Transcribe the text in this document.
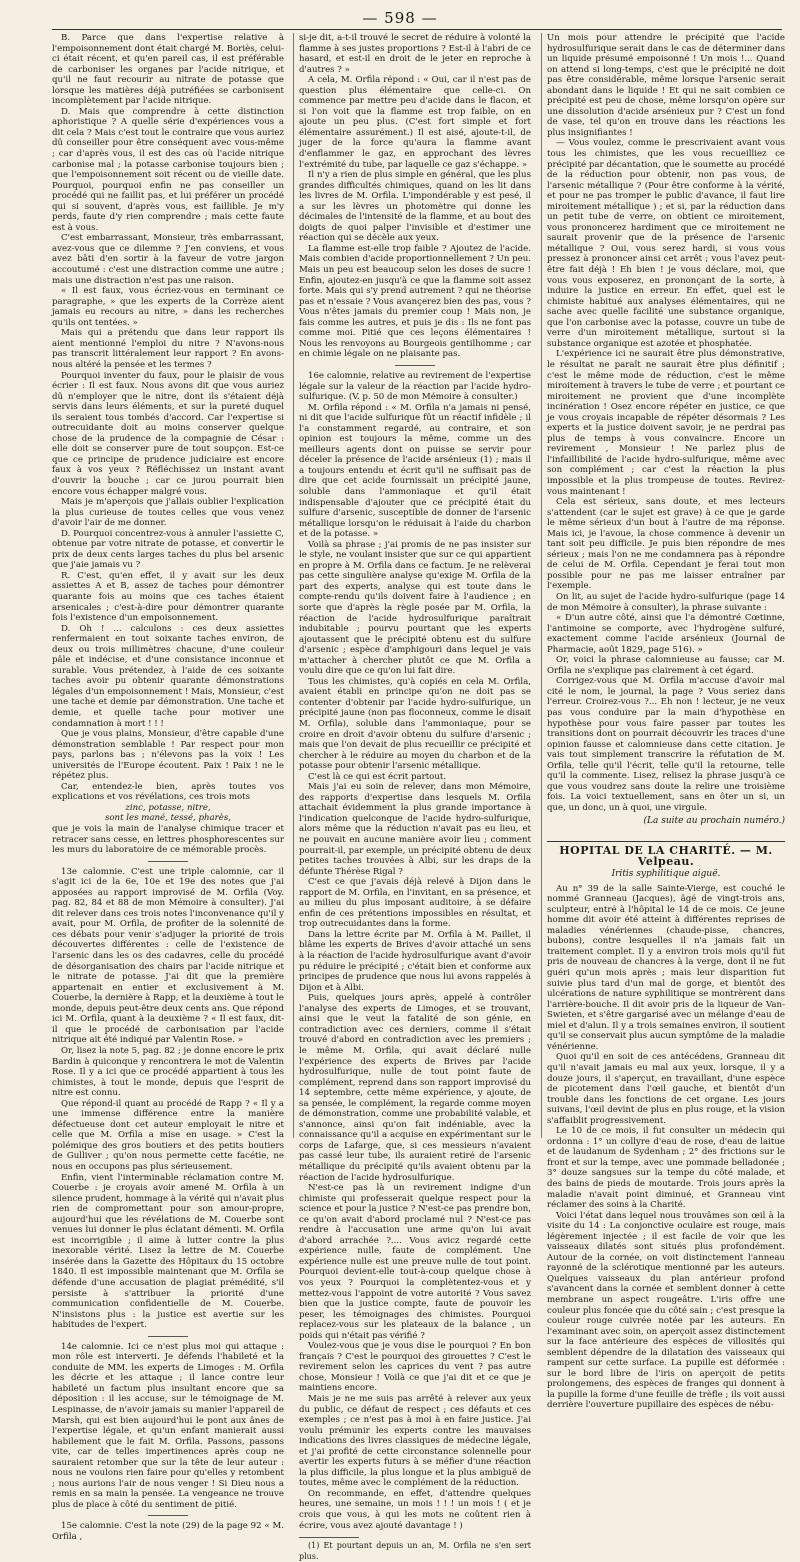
— 598 —

B. Parce que dans l'expertise relative à l'empoisonnement dont était chargé M. Boriès, celui-ci était récent, et qu'en pareil cas, il est préférable de carboniser les organes par l'acide nitrique, et qu'il ne faut recourir au nitrate de potasse que lorsque les matières déjà putréfiées se carbonisent incomplètement par l'acide nitrique.

D. Mais que comprendre à cette distinction aphoristique ? A quelle série d'expériences vous a dit cela ? Mais c'est tout le contraire que vous auriez dû conseiller pour être conséquent avec vous-même ; car d'après vous, il est des cas où l'acide nitrique carbonise mal ; la potasse carbonise toujours bien ; que l'empoisonnement soit récent ou de vieille date. Pourquoi, pourquoi enfin ne pas conseiller un procédé qui ne faillit pas, et lui préférer un procédé qui si souvent, d'après vous, est faillible. Je m'y perds, faute d'y rien comprendre ; mais cette faute est à vous.

C'est embarrassant, Monsieur, très embarrassant, avez-vous que ce dilemme ? J'en conviens, et vous avez bâti d'en sortir à la faveur de votre jargon accoutumé : c'est une distraction comme une autre ; mais une distraction n'est pas une raison.

« Il est faux, vous écriez-vous en terminant ce paragraphe, » que les experts de la Corrèze aient jamais eu recours au nitre, » dans les recherches qu'ils ont tentées. »

Mais qui a prétendu que dans leur rapport ils aient mentionné l'emploi du nitre ? N'avons-nous pas transcrit littéralement leur rapport ? En avons-nous altéré la pensée et les termes ?

Pourquoi inventer du faux, pour le plaisir de vous écrier : Il est faux. Nous avons dit que vous auriez dû n'employer que le nitre, dont ils s'étaient déjà servis dans leurs éléments, et sur la pureté duquel ils seraient tous tombés d'accord. Car l'expertise si outrecuidante doit au moins conserver quelque chose de la prudence de la compagnie de César : elle doit se conserver pure de tout soupçon. Est-ce que ce principe de prudence judiciaire est encore faux à vos yeux ? Réfléchissez un instant avant d'ouvrir la bouche ; car ce jurou pourrait bien encore vous échapper malgré vous.

Mais je m'aperçois que j'allais oublier l'explication la plus curieuse de toutes celles que vous venez d'avoir l'air de me donner.

D. Pourquoi concentrez-vous à annuler l'assiette C, obtenue par votre nitrate de potasse, et convertir le prix de deux cents larges taches du plus bel arsenic que j'aie jamais vu ?

R. C'est, qu'en effet, il y avait sur les deux assiettes A et B, assez de taches pour démontrer quarante fois au moins que ces taches étaient arsenicales ; c'est-à-dire pour démontrer quarante fois l'existence d'un empoisonnement.

D. Oh ! ... calculons : ces deux assiettes renfermaient en tout soixante taches environ, de deux ou trois millimètres chacune, d'une couleur pâle et indécise, et d'une consistance inconnue et surable. Vous prétendez, à l'aide de ces soixante taches avoir pu obtenir quarante démonstrations légales d'un empoisonnement ! Mais, Monsieur, c'est une tache et demie par démonstration. Une tache et demie, et quelle tache pour motiver une condamnation à mort ! ! !

Que je vous plains, Monsieur, d'être capable d'une démonstration semblable ! Par respect pour mon pays, parlons bas ; n'élevons pas la voix ! Les universités de l'Europe écoutent. Paix ! Paix ! ne le répétez plus.

Car, entendez-le bien, après toutes vos explications et vos révélations, ces trois mots

zinc, potasse, nitre,

sont les mané, tessé, pharès,

que je vois la main de l'analyse chimique tracer et retracer sans cesse, en lettres phosphorescentes sur les murs du laboratoire de ce mémorable procès.

13e calomnie. C'est une triple calomnie, car il s'agit ici de la 6e, 10e et 19e des notes que j'ai apposées au rapport improvisé de M. Orfila (Voy. pag. 82, 84 et 88 de mon Mémoire à consulter). J'ai dit relever dans ces trois notes l'inconvenance qu'il y avait, pour M. Orfila, de profiter de la solennité de ces débats pour venir s'adjuger la priorité de trois découvertes différentes : celle de l'existence de l'arsenic dans les os des cadavres, celle du procédé de désorganisation des chairs par l'acide nitrique et le nitrate de potasse. J'ai dit que la première appartenait en entier et exclusivement à M. Couerbe, la dernière à Rapp, et la deuxième à tout le monde, depuis peut-être deux cents ans. Que répond ici M. Orfila, quant à la deuxième ? « Il est faux, dit-il que le procédé de carbonisation par l'acide nitrique ait été indiqué par Valentin Rose. »

Or, lisez la note 5, pag. 82 ; je donne encore le prix Bardin à quiconque y rencontrera le mot de Valentin Rose. Il y a ici que ce procédé appartient à tous les chimistes, à tout le monde, depuis que l'esprit de nitre est connu.

Que répond-il quant au procédé de Rapp ? « Il y a une immense différence entre la manière défectueuse dont cet auteur employait le nitre et celle que M. Orfila a mise en usage. » C'est la polémique des gros boutiers et des petits boutiers de Gulliver ; qu'on nous permette cette facétie, ne nous en occupons pas plus sérieusement.

Enfin, vient l'interminable réclamation contre M. Couerbe : je croyais avoir amené M. Orfila à un silence prudent, hommage à la vérité qui n'avait plus rien de compromettant pour son amour-propre, aujourd'hui que les révélations de M. Couerbe sont venues lui donner le plus éclatant démenti. M. Orfila est incorrigible ; il aime à lutter contre la plus inexorable vérité. Lisez la lettre de M. Couerbe insérée dans la Gazette des Hôpitaux du 15 octobre 1840. Il est impossible maintenant que M. Orfila se défende d'une accusation de plagiat prémédité, s'il persiste à s'attribuer la priorité d'une communication confidentielle de M. Couerbe. N'insistons plus : la justice est avertie sur les habitudes de l'expert.

14e calomnie. Ici ce n'est plus moi qui attaque : mon rôle est interverti. Je défends l'habileté et la conduite de MM. les experts de Limoges : M. Orfila les décrie et les attaque ; il lance contre leur habileté un factum plus insultant encore que sa déposition : il les accuse, sur le témoignage de M. Lespinasse, de n'avoir jamais su manier l'appareil de Marsh, qui est bien aujourd'hui le pont aux ânes de l'expertise légale, et qu'un enfant manierait aussi habilement que le fait M. Orfila. Passons, passons vite, car de telles impertinences après coup ne sauraient retomber que sur la tête de leur auteur : nous ne voulons rien faire pour qu'elles y retombent ; nous aurions l'air de nous venger ! Si Dieu nous a remis en sa main la pensée. La vengeance ne trouve plus de place à côté du sentiment de pitié.

15e calomnie. C'est la note (29) de la page 92 « M. Orfila ,

si-je dit, a-t-il trouvé le secret de réduire à volonté la flamme à ses justes proportions ? Est-il à l'abri de ce hasard, et est-il en droit de le jeter en reproche à d'autres ? »

A cela, M. Orfila répond : « Oui, car il n'est pas de question plus élémentaire que celle-ci. On commence par mettre peu d'acide dans le flacon, et si l'on voit que la flamme est trop faible, on en ajoute un peu plus. (C'est fort simple et fort élémentaire assurément.) Il est aisé, ajoute-t-il, de juger de la force qu'aura la flamme avant d'enflammer le gaz, en approchant des lèvres l'extrémité du tube, par laquelle ce gaz s'échappe. »

Il n'y a rien de plus simple en général, que les plus grandes difficultés chimiques, quand on les lit dans les livres de M. Orfila. L'impondérable y est pesé, il a sur les lèvres un photomètre qui donne les décimales de l'intensité de la flamme, et au bout des doigts de quoi palper l'invisible et d'estimer une réaction qui se décèle aux yeux.

La flamme est-elle trop faible ? Ajoutez de l'acide. Mais combien d'acide proportionnellement ? Un peu. Mais un peu est beaucoup selon les doses de sucre ! Enfin, ajoutez-en jusqu'à ce que la flamme soit assez forte. Mais qui s'y prend autrement ? qui ne théorise pas et n'essaie ? Vous avançerez bien des pas, vous ? Vous n'êtes jamais du premier coup ! Mais non, je fais comme les autres, et puis je dis : Ils ne font pas comme moi. Pitié que ces leçons élémentaires ! Nous les renvoyons au Bourgeois gentilhomme ; car en chimie légale on ne plaisante pas.

16e calomnie, relative au revirement de l'expertise légale sur la valeur de la réaction par l'acide hydro-sulfurique. (V. p. 50 de mon Mémoire à consulter.)

M. Orfila répond : « M. Orfila n'a jamais ni pensé, ni dit que l'acide sulfurique fût un réactif infidèle ; il l'a constamment regardé, au contraire, et son opinion est toujours la même, comme un des meilleurs agents dont on puisse se servir pour déceler la présence de l'acide arsénieux (1) ; mais il a toujours entendu et écrit qu'il ne suffisait pas de dire que cet acide fournissait un précipité jaune, soluble dans l'ammoniaque et qu'il était indispensable d'ajouter que ce précipité était du sulfure d'arsenic, susceptible de donner de l'arsenic métallique lorsqu'on le réduisait à l'aide du charbon et de la potasse. »

Voilà sa phrase ; j'ai promis de ne pas insister sur le style, ne voulant insister que sur ce qui appartient en propre à M. Orfila dans ce factum. Je ne relèverai pas cette singulière analyse qu'exige M. Orfila de la part des experts, analyse qui est toute dans le compte-rendu qu'ils doivent faire à l'audience ; en sorte que d'après la règle posée par M. Orfila, la réaction de l'acide hydrosulfurique paraîtrait indubitable ; pourvu pourtant que les experts ajoutassent que le précipité obtenu est du sulfure d'arsenic ; espèce d'amphigouri dans lequel je vais m'attacher à chercher plutôt ce que M. Orfila a voulu dire que ce qu'on lui fait dire.

Tous les chimistes, qu'à copiés en cela M. Orfila, avaient établi en principe qu'on ne doit pas se contenter d'obtenir par l'acide hydro-sulfurique, un précipité jaune (non pas floconneux, comme le disait M. Orfila), soluble dans l'ammoniaque, pour se croire en droit d'avoir obtenu du sulfure d'arsenic ; mais que l'on devait de plus recueillir ce précipité et chercher à le réduire au moyen du charbon et de la potasse pour obtenir l'arsenic métallique.

C'est là ce qui est écrit partout.

Mais j'ai eu soin de relever, dans mon Mémoire, des rapports d'expertise dans lesquels M. Orfila attachait évidemment la plus grande importance à l'indication quelconque de l'acide hydro-sulfurique, alors même que la réduction n'avait pas eu lieu, et ne pouvait en aucune manière avoir lieu ; comment pourrait-il, par exemple, un précipité obtenu de deux petites taches trouvées à Albi, sur les draps de la défunte Thérèse Rigal ?

C'est ce que j'avais déjà relevé à Dijon dans le rapport de M. Orfila, en l'invitant, en sa présence, et au milieu du plus imposant auditoire, à se défaire enfin de ces prétentions impossibles en résultat, et trop outrecuidantes dans la forme.

Dans la lettre écrite par M. Orfila à M. Paillet, il blâme les experts de Brives d'avoir attaché un sens à la réaction de l'acide hydrosulfurique avant d'avoir pu réduire le précipité ; c'était bien et conforme aux principes de prudence que nous lui avons rappelés à Dijon et à Albi.

Puis, quelques jours après, appelé à contrôler l'analyse des experts de Limoges, et se trouvant, ainsi que le veut la fatalité de son génie, en contradiction avec ces derniers, comme il s'était trouvé d'abord en contradiction avec les premiers ; le même M. Orfila, qui avait déclaré nulle l'expérience des experts de Brives par l'acide hydrosulfurique, nulle de tout point faute de complément, reprend dans son rapport improvisé du 14 septembre, cette même expérience, y ajoute, de sa pensée, le complément, la regarde comme moyen de démonstration, comme une probabilité valable, et s'annonce, ainsi qu'on fait indéniable, avec la connaissance qu'il a acquise en expérimentant sur le corps de Lafarge, que, si ces messieurs n'avaient pas cassé leur tube, ils auraient retiré de l'arsenic métallique du précipité qu'ils avaient obtenu par la réaction de l'acide hydrosulfurique.

N'est-ce pas là un revirement indigne d'un chimiste qui professerait quelque respect pour la science et pour la justice ? N'est-ce pas prendre bon, ce qu'on avait d'abord proclamé nul ? N'est-ce pas rendre à l'accusation une arme qu'on lui avait d'abord arrachée ?.... Vous avicz regardé cette expérience nulle, faute de complément. Une expérience nulle est une preuve nulle de tout point. Pourquoi devient-elle tout-à-coup quelque chose à vos yeux ? Pourquoi la complètentez-vous et y mettez-vous l'appoint de votre autorité ? Vous savez bien que la justice compte, faute de pouvoir les peser, les témoignages des chimistes. Pourquoi replacez-vous sur les plateaux de la balance , un poids qui n'était pas vérifié ?

Voulez-vous que je vous dise le pourquoi ? En bon français ? C'est le pourquoi des girouettes ? C'est le revirement selon les caprices du vent ? pas autre chose, Monsieur ! Voilà ce que j'ai dit et ce que je maintiens encore.

Mais je ne me suis pas arrêté à relever aux yeux du public, ce défaut de respect ; ces défauts et ces exemples ; ce n'est pas à moi à en faire justice. J'ai voulu prémunir les experts contre les mauvaises indications des livres classiques de médecine légale, et j'ai profité de cette circonstance solennelle pour avertir les experts futurs à se méfier d'une réaction la plus difficile, la plus longue et la plus ambiguë de toutes, même avec le complément de la réduction.

On recommande, en effet, d'attendre quelques heures, une semaine, un mois ! ! ! un mois ! ( et je crois que vous, à qui les mots ne coûtent rien à écrire, vous avez ajouté davantage ! )

(1) Et pourtant depuis un an, M. Orfila ne s'en sert plus.

Un mois pour attendre le précipité que l'acide hydrosulfurique serait dans le cas de déterminer dans un liquide présumé empoisonné ! Un mois !... Quand on attend si long-temps, c'est que le précipité ne doit pas être considérable, même lorsque l'arsenic serait abondant dans le liquide ! Et qui ne sait combien ce précipité est peu de chose, même lorsqu'on opère sur une dissolution d'acide arsénieux pur ? C'est un fond de vase, tel qu'on en trouve dans les réactions les plus insignifiantes !

— Vous voulez, comme le prescrivaient avant vous tous les chimistes, que les vous recueilliez ce précipité par décantation, que le soumette au procédé de la réduction pour obtenir, non pas vous, de l'arsenic métallique ? (Pour être conforme à la vérité, et pour ne pas tromper le public d'avance, il faut lire miroitement métallique ) ; et si, par la réduction dans un petit tube de verre, on obtient ce miroitement, vous prononcerez hardiment que ce miroitement ne saurait provenir que de la présence de l'arsenic métallique ? Oui, vous serez hardi, si vous vous pressez à prononcer ainsi cet arrêt ; vous l'avez peut-être fait déjà ! Eh bien ! je vous déclare, moi, que vous vous exposerez, en prononçant de la sorte, à induire la justice en erreur. En effet, quel est le chimiste habitué aux analyses élémentaires, qui ne sache avec quelle facilité une substance organique, que l'on carbonise avec la potasse, couvre un tube de verre d'un miroitement métallique, surtout si la substance organique est azotée et phosphatée.

L'expérience ici ne saurait être plus démonstrative, le résultat ne paraît ne saurait être plus définitif ; c'est le même mode de réduction, c'est le même miroitement à travers le tube de verre ; et pourtant ce miroitement ne provient que d'une incomplète incinération ! Osez encore répéter en justice, ce que je vous croyais incapable de répéter désormais ? Les experts et la justice doivent savoir, je ne perdrai pas plus de temps à vous convaincre. Encore un revirement , Monsieur ! Ne parlez plus de l'infaillibilité de l'acide hydro-sulfurique, même avec son complément ; car c'est la réaction la plus impossible et la plus trompeuse de toutes. Revirez-vous maintenant !

Cela est sérieux, sans doute, et mes lecteurs s'attendent (car le sujet est grave) à ce que je garde le même sérieux d'un bout à l'autre de ma réponse. Mais ici, je l'avoue, la chose commence à devenir un tant soit peu difficile. Je puis bien répondre de mes sérieux ; mais l'on ne me condamnera pas à répondre de celui de M. Orfila. Cependant je ferai tout mon possible pour ne pas me laisser entraîner par l'exemple.

On lit, au sujet de l'acide hydro-sulfurique (page 14 de mon Mémoire à consulter), la phrase suivante :

« D'un autre côté, ainsi que l'a démontré Cœtinne, l'antimoine se comporte, avec l'hydrogène sulfuré, exactement comme l'acide arsénieux (Journal de Pharmacie, août 1829, page 516). »

Or, voici la phrase calomnieuse au fausse; car M. Orfila ne s'explique pas clairement à cet égard.

Corrigez-vous que M. Orfila m'accuse d'avoir mal cité le nom, le journal, la page ? Vous seriez dans l'erreur. Croirez-vous ?... Eh non ! lecteur, je ne veux pas vous conduire par la main d'hypothèse en hypothèse pour vous faire passer par toutes les transitions dont on pourrait découvrir les traces d'une opinion fausse et calomnieuse dans cette citation. Je vais tout simplement transcrire la réfutation de M. Orfila, telle qu'il l'écrit, telle qu'il la retourne, telle qu'il la commente. Lisez, relisez la phrase jusqu'à ce que vous voudrez sans doute la relire une troisième fois. La voici textuellement, sans en ôter un si, un que, un donc, un à quoi, une virgule.

(La suite au prochain numéro.)
HOPITAL DE LA CHARITÉ. — M. Velpeau.
Iritis syphilitique aiguë.

Au n° 39 de la salle Sainte-Vierge, est couché le nommé Granneau (Jacques), âgé de vingt-trois ans, sculpteur, entré à l'hôpital le 14 de ce mois. Ce jeune homme dit avoir été atteint à différentes reprises de maladies vénériennes (chaude-pisse, chancres, bubons), contre lesquelles il n'a jamais fait un traitement complet. Il y a environ trois mois qu'il fut pris de nouveau de chancres à la verge, dont il ne fut guéri qu'un mois après ; mais leur disparition fut suivie plus tard d'un mal de gorge, et bientôt des ulcérations de nature syphilitique se montrèrent dans l'arrière-bouche. Il dit avoir pris de la liqueur de Van-Swieten, et s'être gargarisé avec un mélange d'eau de miel et d'alun. Il y a trois semaines environ, il soutient qu'il se conservait plus aucun symptôme de la maladie vénérienne.

Quoi qu'il en soit de ces antécédens, Granneau dit qu'il n'avait jamais eu mal aux yeux, lorsque, il y a douze jours, il s'aperçut, en travaillant, d'une espèce de picotement dans l'œil gauche, et bientôt d'un trouble dans les fonctions de cet organe. Les jours suivans, l'œil devint de plus en plus rouge, et la vision s'affaiblit progressivement.

Le 10 de ce mois, il fut consulter un médecin qui ordonna : 1° un collyre d'eau de rose, d'eau de laitue et de laudanum de Sydenham ; 2° des frictions sur le front et sur la tempe, avec une pommade belladonée ; 3° douze sangsues sur la tempe du côté malade, et des bains de pieds de moutarde. Trois jours après la maladie n'avait point diminué, et Granneau vint réclamer des soins à la Charité.

Voici l'état dans lequel nous trouvâmes son œil à la visite du 14 : La conjonctive oculaire est rouge, mais légèrement injectée ; il est facile de voir que les vaisseaux dilatés sont situés plus profondément. Autour de la cornée, on voit distinctement l'anneau rayonné de la sclérotique mentionné par les auteurs. Quelques vaisseaux du plan antérieur profond s'avancent dans la cornée et semblent donner à cette membrane un aspect rougeâtre. L'iris offre une couleur plus foncée que du côté sain ; c'est presque la couleur rouge cuivrée notée par les auteurs. En l'examinant avec soin, on aperçoit assez distinctement sur la face antérieure des espèces de villosités qui semblent dépendre de la dilatation des vaisseaux qui rampent sur cette surface. La pupille est déformée : sur le bord libre de l'iris on aperçoit de petits prolongemens, des espèces de franges qui donnent à la pupille la forme d'une feuille de trèfle ; ils voit aussi derrière l'ouverture pupillaire des espèces de nébu-
